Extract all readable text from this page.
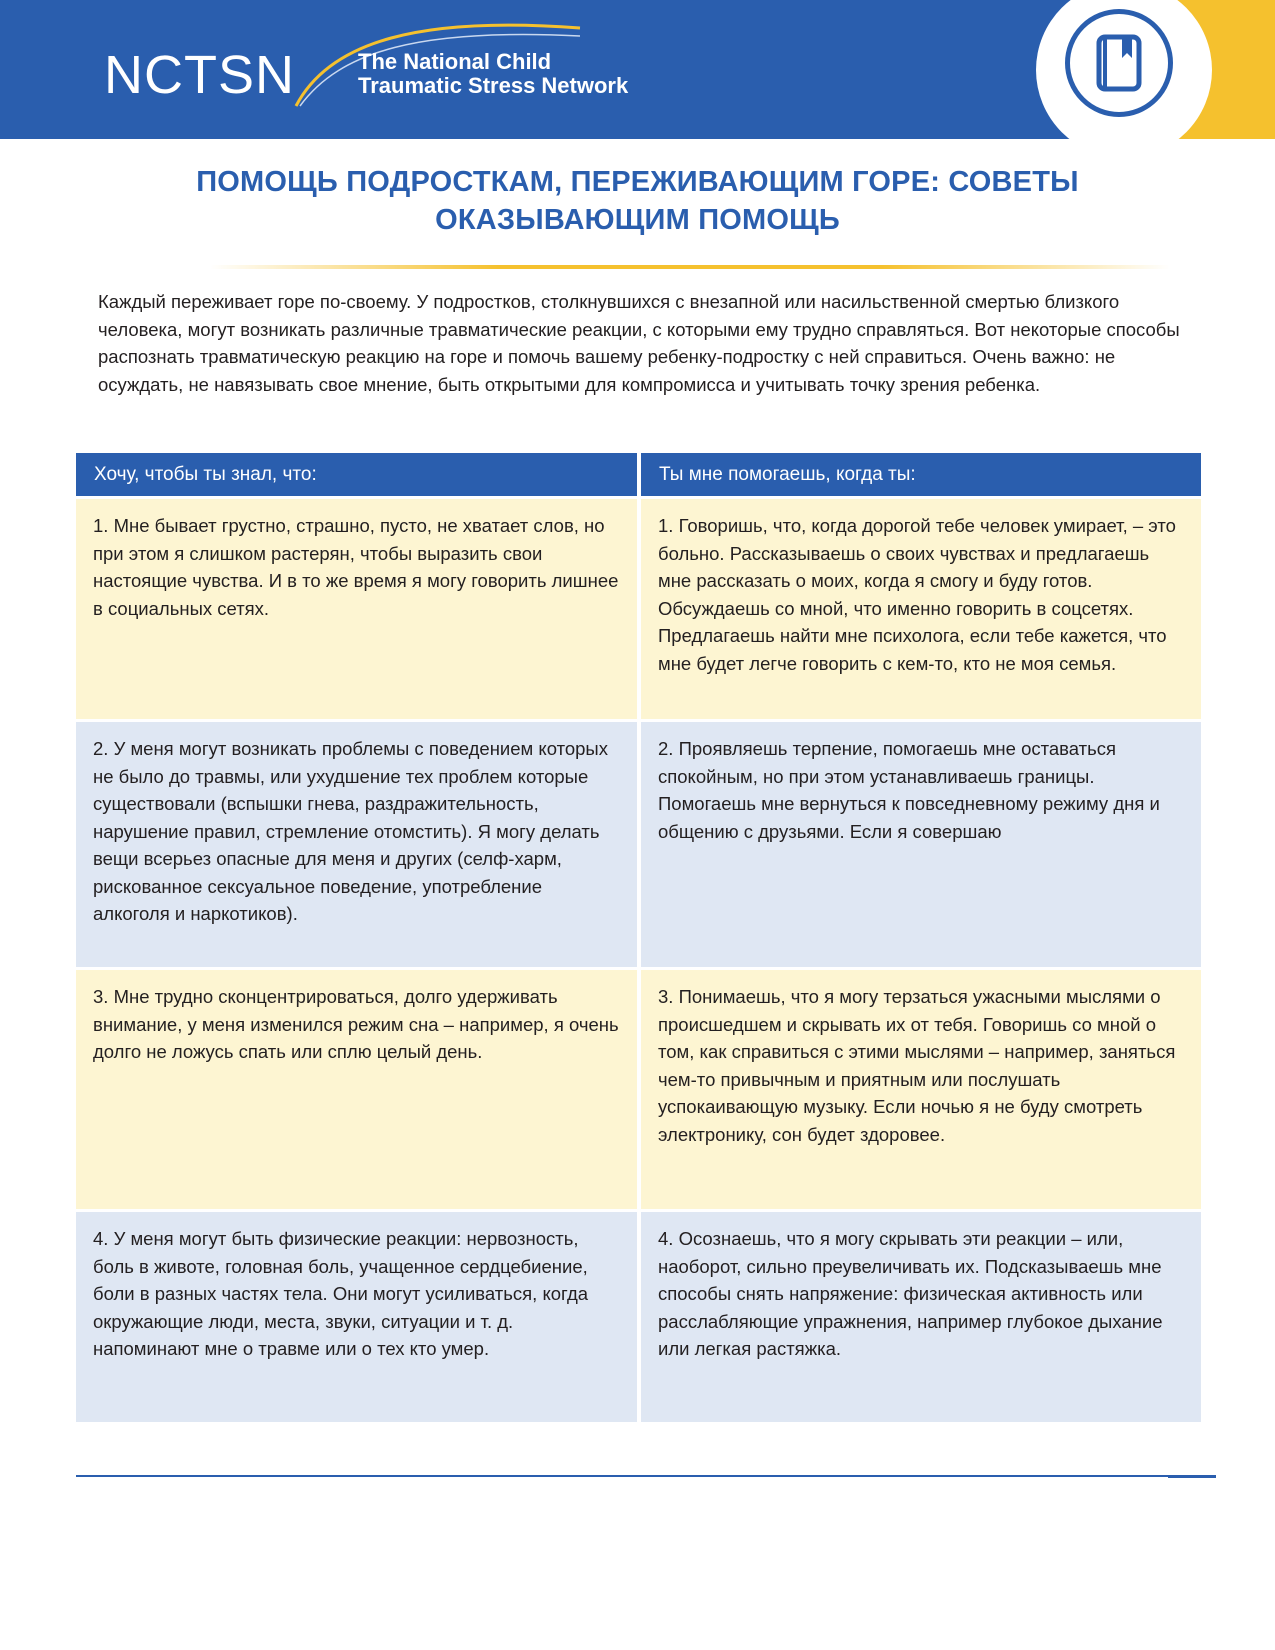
NCTSN	The National Child
Traumatic Stress Network
ПОМОЩЬ ПОДРОСТКАМ, ПЕРЕЖИВАЮЩИМ ГОРЕ: СОВЕТЫ
ОКАЗЫВАЮЩИМ ПОМОЩЬ
Каждый переживает горе по-своему. У подростков, столкнувшихся с внезапной или насильственной смертью близкого человека, могут возникать различные травматические реакции, с которыми ему трудно справляться. Вот некоторые способы распознать травматическую реакцию на горе и помочь вашему ребенку-подростку с ней справиться. Очень важно: не осуждать, не навязывать свое мнение, быть открытыми для компромисса и учитывать точку зрения ребенка.
Хочу, чтобы ты знал, что:	Ты мне помогаешь, когда ты:
1. Мне бывает грустно, страшно, пусто, не хватает слов, но при этом я слишком растерян, чтобы выразить свои настоящие чувства. И в то же время я могу говорить лишнее в социальных сетях.
1. Говоришь, что, когда дорогой тебе человек умирает, – это больно. Рассказываешь о своих чувствах и предлагаешь мне рассказать о моих, когда я смогу и буду готов. Обсуждаешь со мной, что именно говорить в соцсетях. Предлагаешь найти мне психолога, если тебе кажется, что мне будет легче говорить с кем-то, кто не моя семья.
2. У меня могут возникать проблемы с поведением которых не было до травмы, или ухудшение тех проблем которые существовали (вспышки гнева, раздражительность, нарушение правил, стремление отомстить). Я могу делать вещи всерьез опасные для меня и других (селф-харм, рискованное сексуальное поведение, употребление алкоголя и наркотиков).
2. Проявляешь терпение, помогаешь мне оставаться спокойным, но при этом устанавливаешь границы. Помогаешь мне вернуться к повседневному режиму дня и общению с друзьями. Если я совершаю
3. Мне трудно сконцентрироваться, долго удерживать внимание, у меня изменился режим сна – например, я очень долго не ложусь спать или сплю целый день.
3. Понимаешь, что я могу терзаться ужасными мыслями о происшедшем и скрывать их от тебя. Говоришь со мной о том, как справиться с этими мыслями – например, заняться чем-то привычным и приятным или послушать успокаивающую музыку. Если ночью я не буду смотреть электронику, сон будет здоровее.
4. У меня могут быть физические реакции: нервозность, боль в животе, головная боль, учащенное сердцебиение, боли в разных частях тела. Они могут усиливаться, когда окружающие люди, места, звуки, ситуации и т. д. напоминают мне о травме или о тех кто умер.
4. Осознаешь, что я могу скрывать эти реакции – или, наоборот, сильно преувеличивать их. Подсказываешь мне способы снять напряжение: физическая активность или расслабляющие упражнения, например глубокое дыхание или легкая растяжка.
